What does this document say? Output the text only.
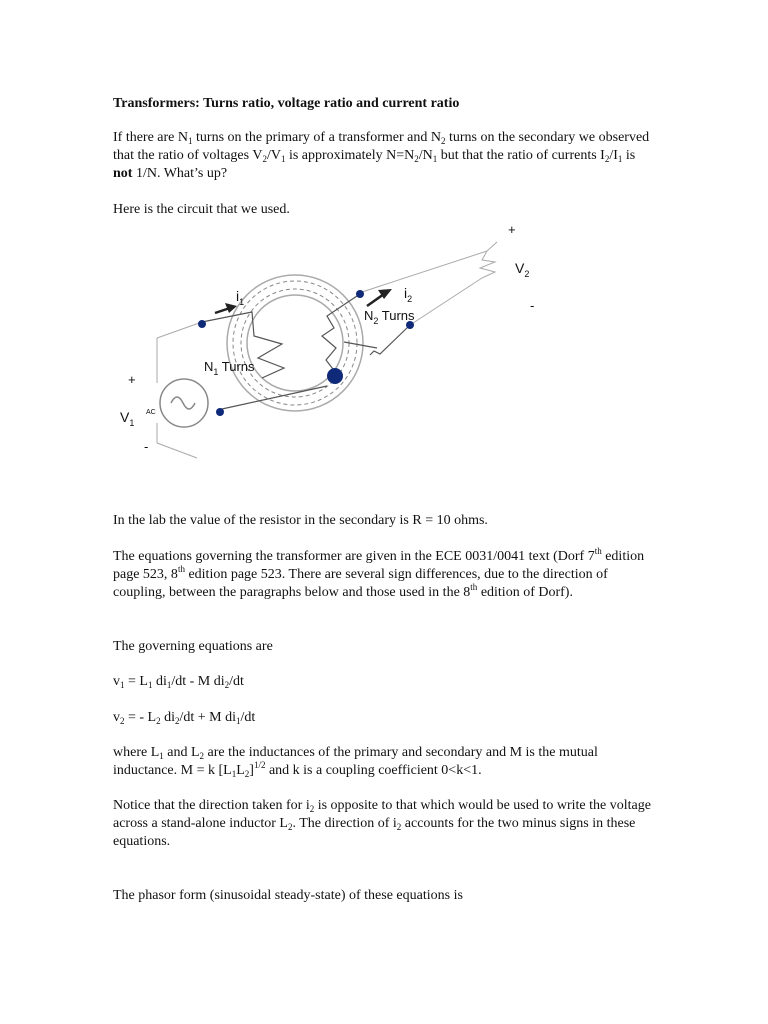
Transformers: Turns ratio, voltage ratio and current ratio

If there are $N_1$ turns on the primary of a transformer and $N_2$ turns on the secondary we observed that the ratio of voltages $V_2/V_1$ is approximately $N=N_2/N_1$ but that the ratio of currents $I_2/I_1$ is not 1/N. What’s up?

Here is the circuit that we used.

+
$V_2$
-
$i_1$
$i_2$
$N_2$ Turns
$N_1$ Turns
+
$V_1$
AC
-

In the lab the value of the resistor in the secondary is R = 10 ohms.

The equations governing the transformer are given in the ECE 0031/0041 text (Dorf 7th edition page 523, 8th edition page 523. There are several sign differences, due to the direction of coupling, between the paragraphs below and those used in the 8th edition of Dorf).

The governing equations are

$v_1 = L_1$ $di_1/dt$ - M $di_2/dt$

$v_2$ = - $L_2$ $di_2/dt + M$ $di_1/dt$

where $L_1$ and $L_2$ are the inductances of the primary and secondary and M is the mutual inductance. M = k $[L_1L_2]^{1/2}$ and k is a coupling coefficient 0<k<1.

Notice that the direction taken for $i_2$ is opposite to that which would be used to write the voltage across a stand-alone inductor $L_2$. The direction of $i_2$ accounts for the two minus signs in these equations.

The phasor form (sinusoidal steady-state) of these equations is
